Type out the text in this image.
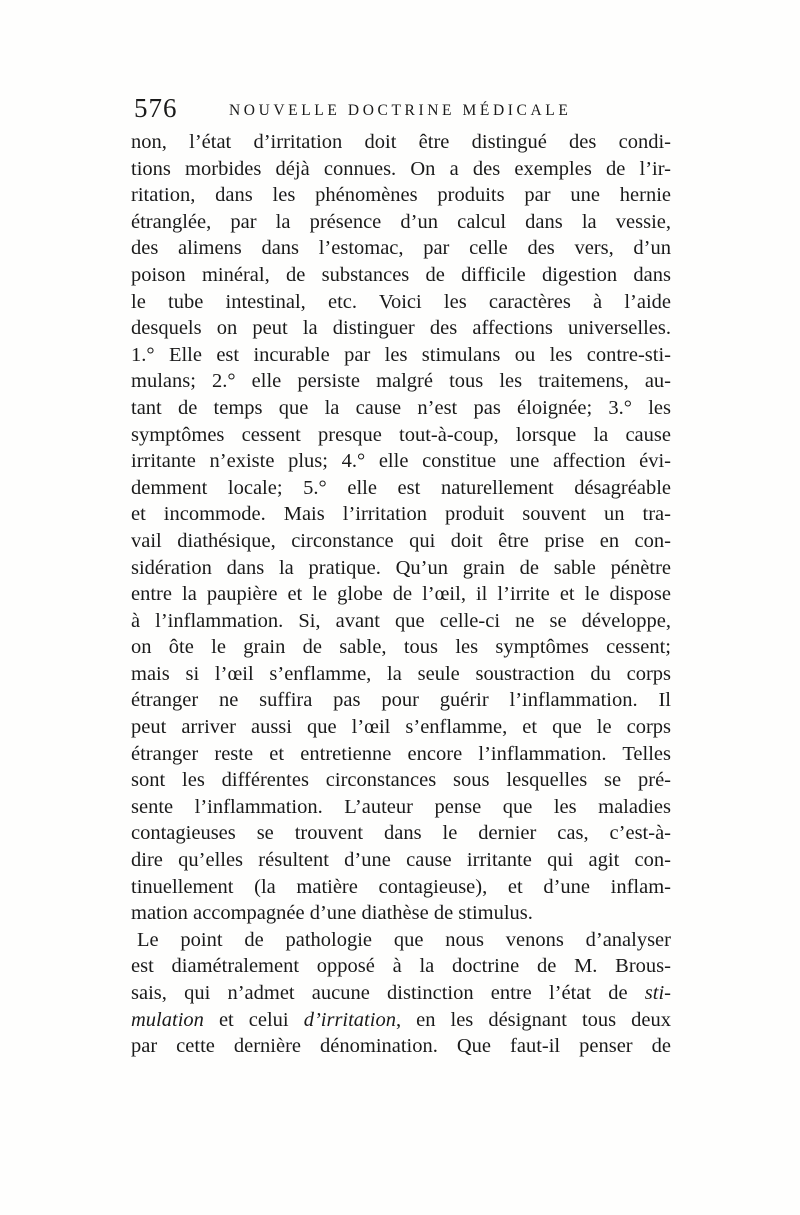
576	NOUVELLE DOCTRINE MÉDICALE
non, l’état d’irritation doit être distingué des condi-
tions morbides déjà connues. On a des exemples de l’ir-
ritation, dans les phénomènes produits par une hernie
étranglée, par la présence d’un calcul dans la vessie,
des alimens dans l’estomac, par celle des vers, d’un
poison minéral, de substances de difficile digestion dans
le tube intestinal, etc. Voici les caractères à l’aide
desquels on peut la distinguer des affections universelles.
1.° Elle est incurable par les stimulans ou les contre-sti-
mulans; 2.° elle persiste malgré tous les traitemens, au-
tant de temps que la cause n’est pas éloignée; 3.° les
symptômes cessent presque tout-à-coup, lorsque la cause
irritante n’existe plus; 4.° elle constitue une affection évi-
demment locale; 5.° elle est naturellement désagréable
et incommode. Mais l’irritation produit souvent un tra-
vail diathésique, circonstance qui doit être prise en con-
sidération dans la pratique. Qu’un grain de sable pénètre
entre la paupière et le globe de l’œil, il l’irrite et le dispose
à l’inflammation. Si, avant que celle-ci ne se développe,
on ôte le grain de sable, tous les symptômes cessent;
mais si l’œil s’enflamme, la seule soustraction du corps
étranger ne suffira pas pour guérir l’inflammation. Il
peut arriver aussi que l’œil s’enflamme, et que le corps
étranger reste et entretienne encore l’inflammation. Telles
sont les différentes circonstances sous lesquelles se pré-
sente l’inflammation. L’auteur pense que les maladies
contagieuses se trouvent dans le dernier cas, c’est-à-
dire qu’elles résultent d’une cause irritante qui agit con-
tinuellement (la matière contagieuse), et d’une inflam-
mation accompagnée d’une diathèse de stimulus.
Le point de pathologie que nous venons d’analyser
est diamétralement opposé à la doctrine de M. Brous-
sais, qui n’admet aucune distinction entre l’état de sti-
mulation et celui d’irritation, en les désignant tous deux
par cette dernière dénomination. Que faut-il penser de
